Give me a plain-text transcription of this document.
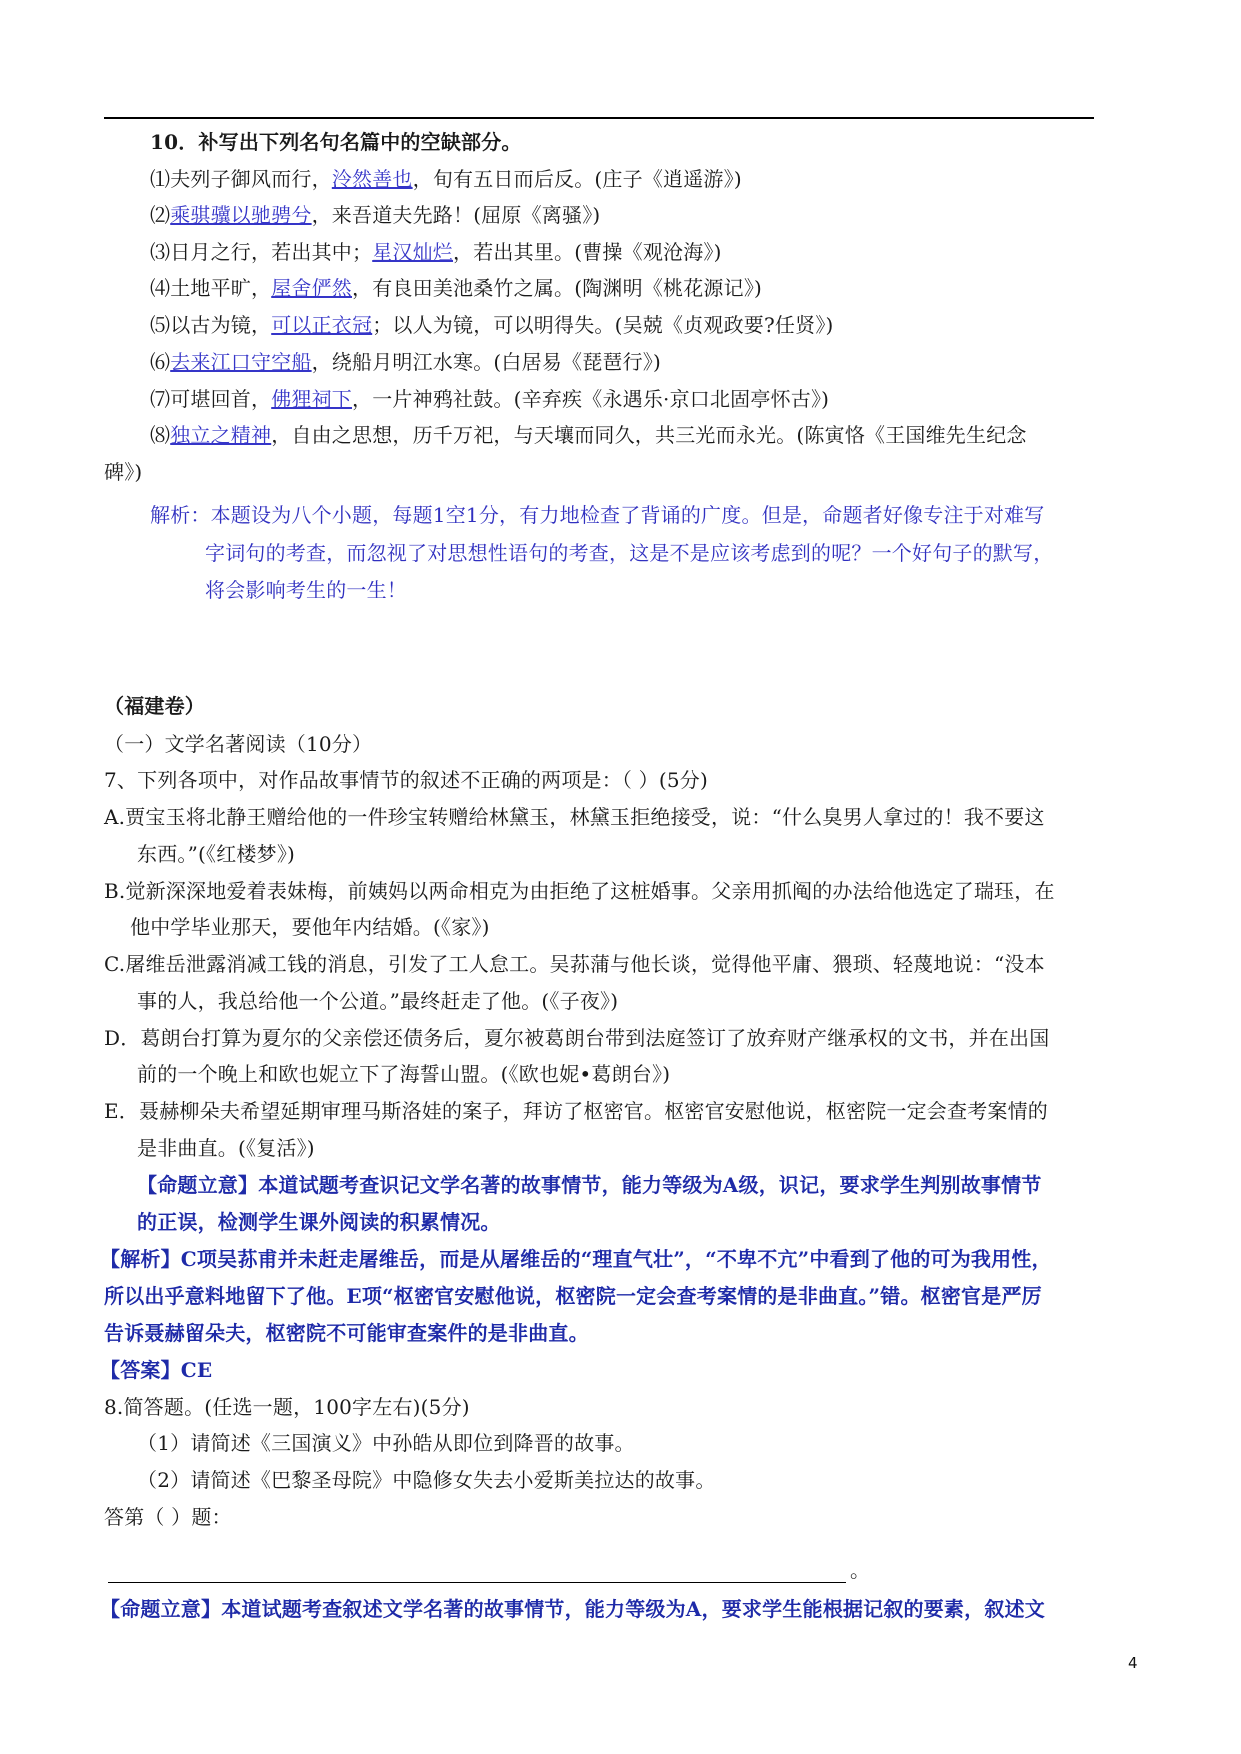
10．补写出下列名句名篇中的空缺部分。
⑴夫列子御风而行，泠然善也，旬有五日而后反。(庄子《逍遥游》)
⑵乘骐骥以驰骋兮，来吾道夫先路！(屈原《离骚》)
⑶日月之行，若出其中；星汉灿烂，若出其里。(曹操《观沧海》)
⑷土地平旷，屋舍俨然，有良田美池桑竹之属。(陶渊明《桃花源记》)
⑸以古为镜，可以正衣冠；以人为镜，可以明得失。(吴兢《贞观政要?任贤》)
⑹去来江口守空船，绕船月明江水寒。(白居易《琵琶行》)
⑺可堪回首，佛狸祠下，一片神鸦社鼓。(辛弃疾《永遇乐·京口北固亭怀古》)
⑻独立之精神，自由之思想，历千万祀，与天壤而同久，共三光而永光。(陈寅恪《王国维先生纪念
碑》)
解析：本题设为八个小题，每题1空1分，有力地检查了背诵的广度。但是，命题者好像专注于对难写
字词句的考查，而忽视了对思想性语句的考查，这是不是应该考虑到的呢？一个好句子的默写，
将会影响考生的一生！
（福建卷）
（一）文学名著阅读（10分）
7、下列各项中，对作品故事情节的叙述不正确的两项是：（ ）(5分)
A.贾宝玉将北静王赠给他的一件珍宝转赠给林黛玉，林黛玉拒绝接受，说：“什么臭男人拿过的！我不要这
东西。”(《红楼梦》)
B.觉新深深地爱着表妹梅，前姨妈以两命相克为由拒绝了这桩婚事。父亲用抓阄的办法给他选定了瑞珏，在
他中学毕业那天，要他年内结婚。(《家》)
C.屠维岳泄露消减工钱的消息，引发了工人怠工。吴荪蒲与他长谈，觉得他平庸、猥琐、轻蔑地说：“没本
事的人，我总给他一个公道。”最终赶走了他。(《子夜》)
D．葛朗台打算为夏尔的父亲偿还债务后，夏尔被葛朗台带到法庭签订了放弃财产继承权的文书，并在出国
前的一个晚上和欧也妮立下了海誓山盟。(《欧也妮•葛朗台》)
E．聂赫柳朵夫希望延期审理马斯洛娃的案子，拜访了枢密官。枢密官安慰他说，枢密院一定会查考案情的
是非曲直。(《复活》)
【命题立意】本道试题考查识记文学名著的故事情节，能力等级为A级，识记，要求学生判别故事情节
的正误，检测学生课外阅读的积累情况。
【解析】C项吴荪甫并未赶走屠维岳，而是从屠维岳的“理直气壮”，“不卑不亢”中看到了他的可为我用性，
所以出乎意料地留下了他。E项“枢密官安慰他说，枢密院一定会查考案情的是非曲直。”错。枢密官是严厉
告诉聂赫留朵夫，枢密院不可能审查案件的是非曲直。
【答案】CE
8.简答题。(任选一题，100字左右)(5分)
（1）请简述《三国演义》中孙皓从即位到降晋的故事。
（2）请简述《巴黎圣母院》中隐修女失去小爱斯美拉达的故事。
答第（ ）题：
。
【命题立意】本道试题考查叙述文学名著的故事情节，能力等级为A，要求学生能根据记叙的要素，叙述文
4
